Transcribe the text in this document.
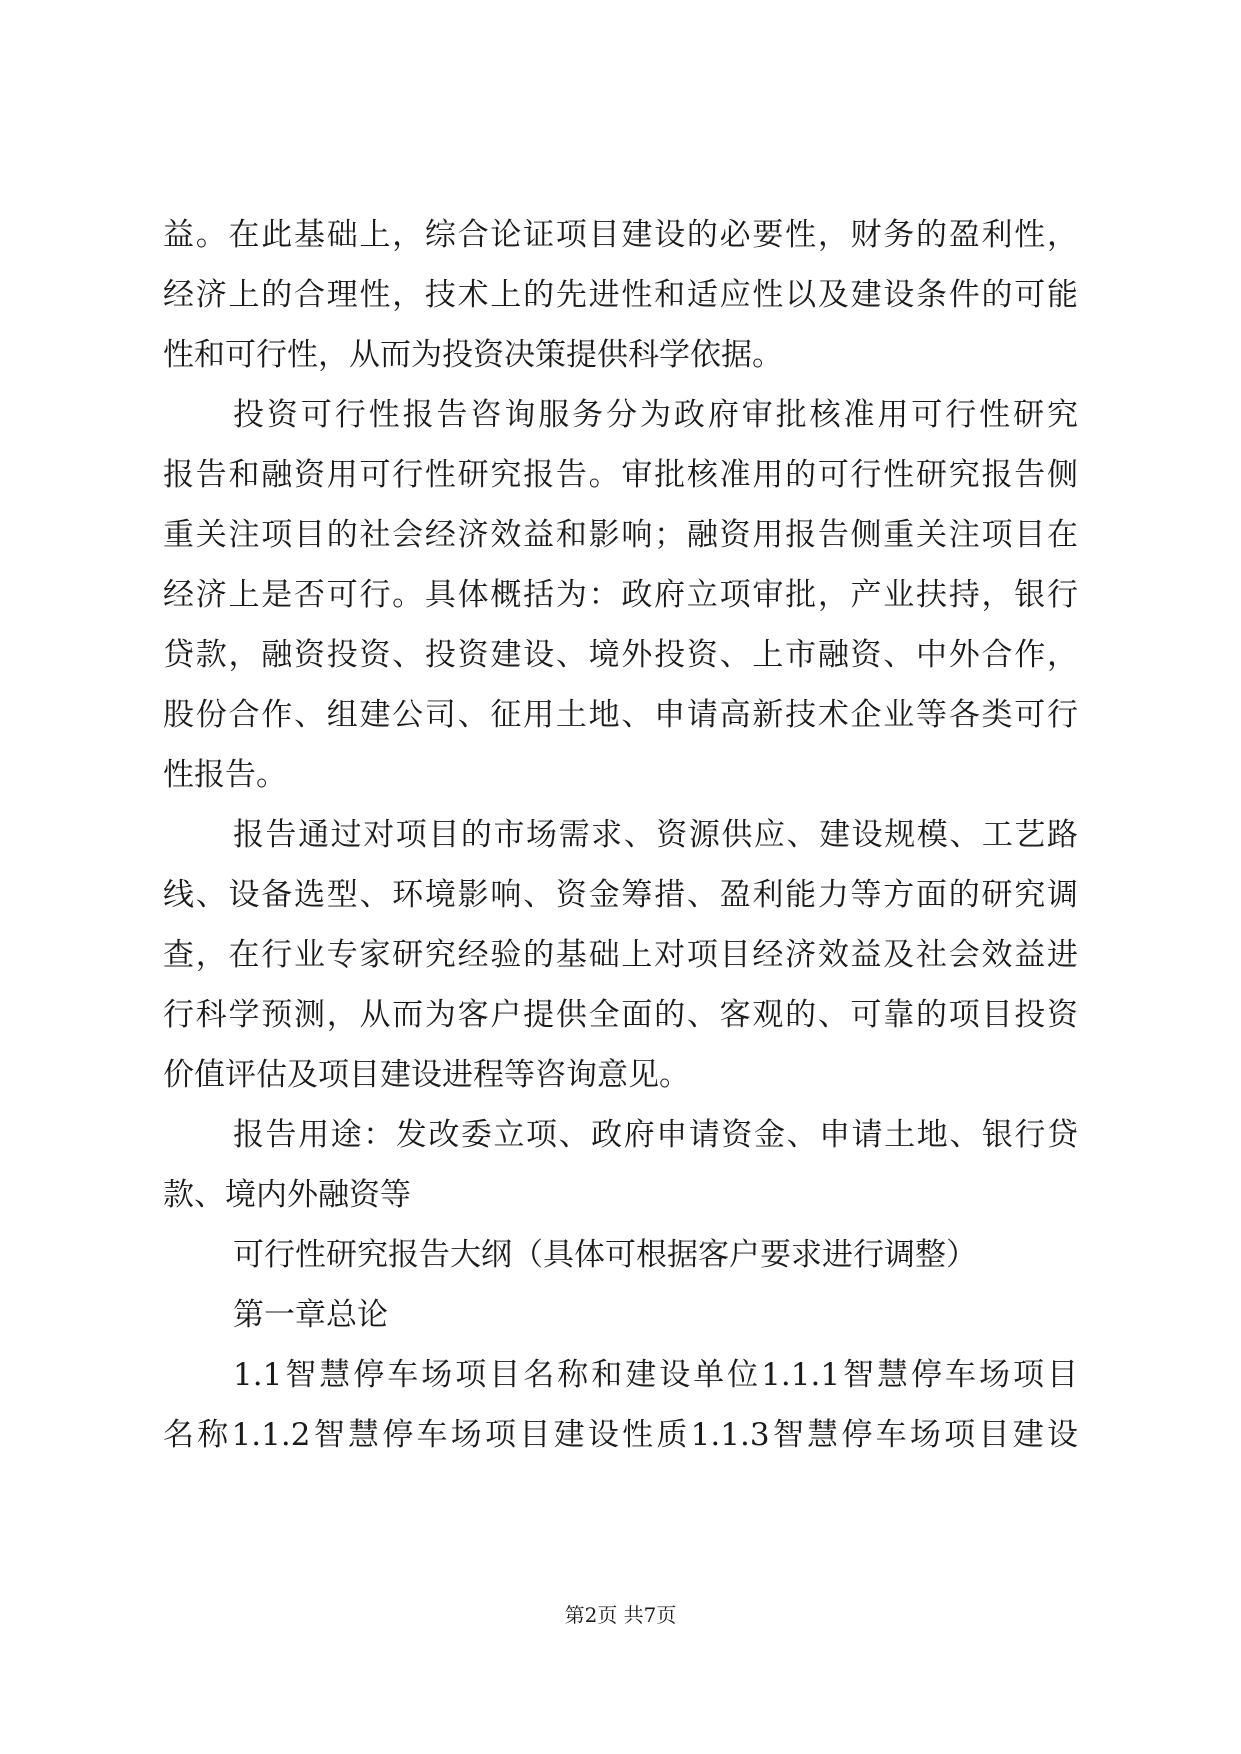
益。在此基础上，综合论证项目建设的必要性，财务的盈利性，
经济上的合理性，技术上的先进性和适应性以及建设条件的可能
性和可行性，从而为投资决策提供科学依据。
投资可行性报告咨询服务分为政府审批核准用可行性研究
报告和融资用可行性研究报告。审批核准用的可行性研究报告侧
重关注项目的社会经济效益和影响；融资用报告侧重关注项目在
经济上是否可行。具体概括为：政府立项审批，产业扶持，银行
贷款，融资投资、投资建设、境外投资、上市融资、中外合作，
股份合作、组建公司、征用土地、申请高新技术企业等各类可行
性报告。
报告通过对项目的市场需求、资源供应、建设规模、工艺路
线、设备选型、环境影响、资金筹措、盈利能力等方面的研究调
查，在行业专家研究经验的基础上对项目经济效益及社会效益进
行科学预测，从而为客户提供全面的、客观的、可靠的项目投资
价值评估及项目建设进程等咨询意见。
报告用途：发改委立项、政府申请资金、申请土地、银行贷
款、境内外融资等
可行性研究报告大纲（具体可根据客户要求进行调整）
第一章总论
1.1智慧停车场项目名称和建设单位1.1.1智慧停车场项目
名称1.1.2智慧停车场项目建设性质1.1.3智慧停车场项目建设
第2页 共7页
